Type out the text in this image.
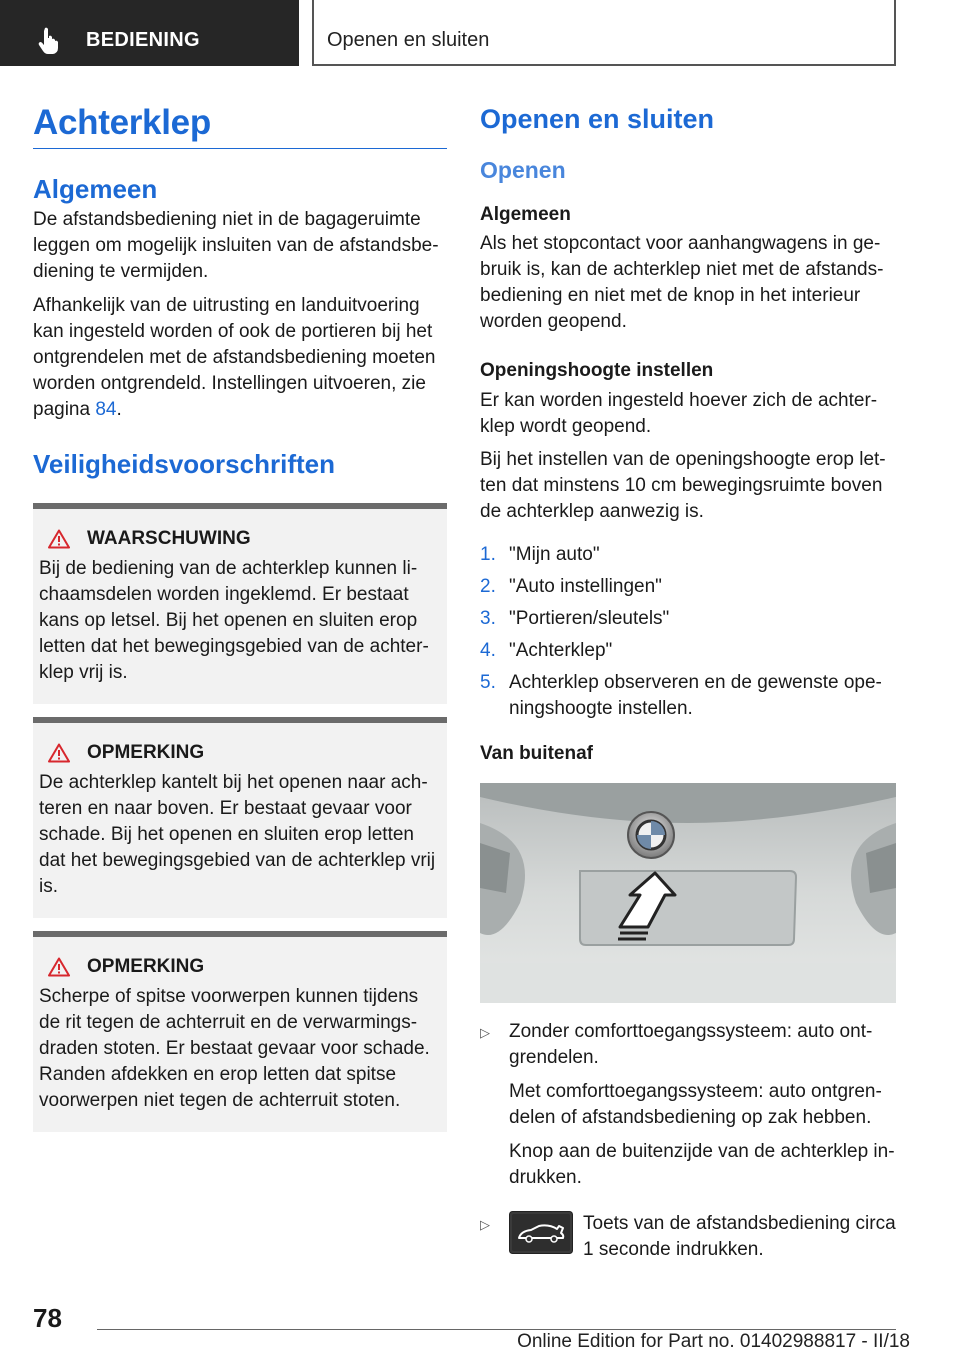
BEDIENING	Openen en sluiten
Achterklep
Algemeen

De afstandsbediening niet in de bagageruimte leggen om mogelijk insluiten van de afstandsbediening te vermijden.

Afhankelijk van de uitrusting en landuitvoering kan ingesteld worden of ook de portieren bij het ontgrendelen met de afstandsbediening moeten worden ontgrendeld. Instellingen uitvoeren, zie pagina 84.

Veiligheidsvoorschriften
WAARSCHUWING

Bij de bediening van de achterklep kunnen lichaamsdelen worden ingeklemd. Er bestaat kans op letsel. Bij het openen en sluiten erop letten dat het bewegingsgebied van de achterklep vrij is.

OPMERKING

De achterklep kantelt bij het openen naar achteren en naar boven. Er bestaat gevaar voor schade. Bij het openen en sluiten erop letten dat het bewegingsgebied van de achterklep vrij is.

OPMERKING

Scherpe of spitse voorwerpen kunnen tijdens de rit tegen de achterruit en de verwarmingsdraden stoten. Er bestaat gevaar voor schade. Randen afdekken en erop letten dat spitse voorwerpen niet tegen de achterruit stoten.

Openen en sluiten
Openen
Algemeen

Als het stopcontact voor aanhangwagens in gebruik is, kan de achterklep niet met de afstandsbediening en niet met de knop in het interieur worden geopend.

Openingshoogte instellen

Er kan worden ingesteld hoever zich de achterklep wordt geopend.

Bij het instellen van de openingshoogte erop letten dat minstens 10 cm bewegingsruimte boven de achterklep aanwezig is.

1. "Mijn auto"
2. "Auto instellingen"
3. "Portieren/sleutels"
4. "Achterklep"
5. Achterklep observeren en de gewenste openingshoogte instellen.
Van buitenaf
▷	Zonder comforttoegangssysteem: auto ontgrendelen.

Met comforttoegangssysteem: auto ontgrendelen of afstandsbediening op zak hebben.

Knop aan de buitenzijde van de achterklep indrukken.

▷	Toets van de afstandsbediening circa 1 seconde indrukken.

78
Online Edition for Part no. 01402988817 - II/18
